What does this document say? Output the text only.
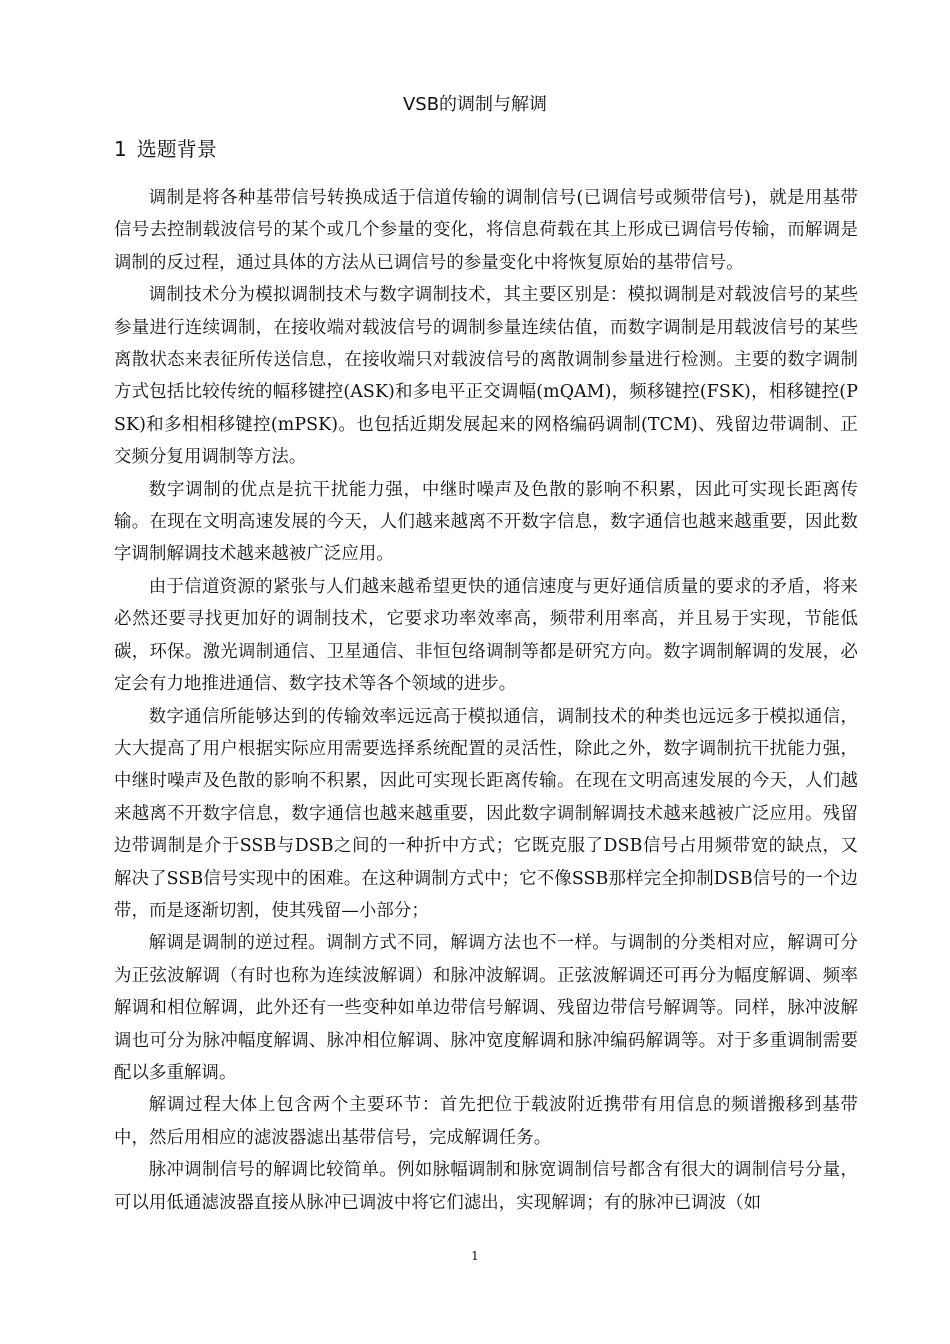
VSB的调制与解调
1 选题背景

调制是将各种基带信号转换成适于信道传输的调制信号(已调信号或频带信号)，就是用基带信号去控制载波信号的某个或几个参量的变化，将信息荷载在其上形成已调信号传输，而解调是调制的反过程，通过具体的方法从已调信号的参量变化中将恢复原始的基带信号。

调制技术分为模拟调制技术与数字调制技术，其主要区别是：模拟调制是对载波信号的某些参量进行连续调制，在接收端对载波信号的调制参量连续估值，而数字调制是用载波信号的某些离散状态来表征所传送信息，在接收端只对载波信号的离散调制参量进行检测。主要的数字调制方式包括比较传统的幅移键控(ASK)和多电平正交调幅(mQAM)，频移键控(FSK)，相移键控(PSK)和多相相移键控(mPSK)。也包括近期发展起来的网格编码调制(TCM)、残留边带调制、正交频分复用调制等方法。

数字调制的优点是抗干扰能力强，中继时噪声及色散的影响不积累，因此可实现长距离传输。在现在文明高速发展的今天，人们越来越离不开数字信息，数字通信也越来越重要，因此数字调制解调技术越来越被广泛应用。

由于信道资源的紧张与人们越来越希望更快的通信速度与更好通信质量的要求的矛盾，将来必然还要寻找更加好的调制技术，它要求功率效率高，频带利用率高，并且易于实现，节能低碳，环保。激光调制通信、卫星通信、非恒包络调制等都是研究方向。数字调制解调的发展，必定会有力地推进通信、数字技术等各个领域的进步。

数字通信所能够达到的传输效率远远高于模拟通信，调制技术的种类也远远多于模拟通信，大大提高了用户根据实际应用需要选择系统配置的灵活性，除此之外，数字调制抗干扰能力强，中继时噪声及色散的影响不积累，因此可实现长距离传输。在现在文明高速发展的今天，人们越来越离不开数字信息，数字通信也越来越重要，因此数字调制解调技术越来越被广泛应用。残留边带调制是介于SSB与DSB之间的一种折中方式；它既克服了DSB信号占用频带宽的缺点，又解决了SSB信号实现中的困难。在这种调制方式中；它不像SSB那样完全抑制DSB信号的一个边带，而是逐渐切割，使其残留—小部分；

解调是调制的逆过程。调制方式不同，解调方法也不一样。与调制的分类相对应，解调可分为正弦波解调（有时也称为连续波解调）和脉冲波解调。正弦波解调还可再分为幅度解调、频率解调和相位解调，此外还有一些变种如单边带信号解调、残留边带信号解调等。同样，脉冲波解调也可分为脉冲幅度解调、脉冲相位解调、脉冲宽度解调和脉冲编码解调等。对于多重调制需要配以多重解调。

解调过程大体上包含两个主要环节：首先把位于载波附近携带有用信息的频谱搬移到基带中，然后用相应的滤波器滤出基带信号，完成解调任务。

脉冲调制信号的解调比较简单。例如脉幅调制和脉宽调制信号都含有很大的调制信号分量，可以用低通滤波器直接从脉冲已调波中将它们滤出，实现解调；有的脉冲已调波（如

1
